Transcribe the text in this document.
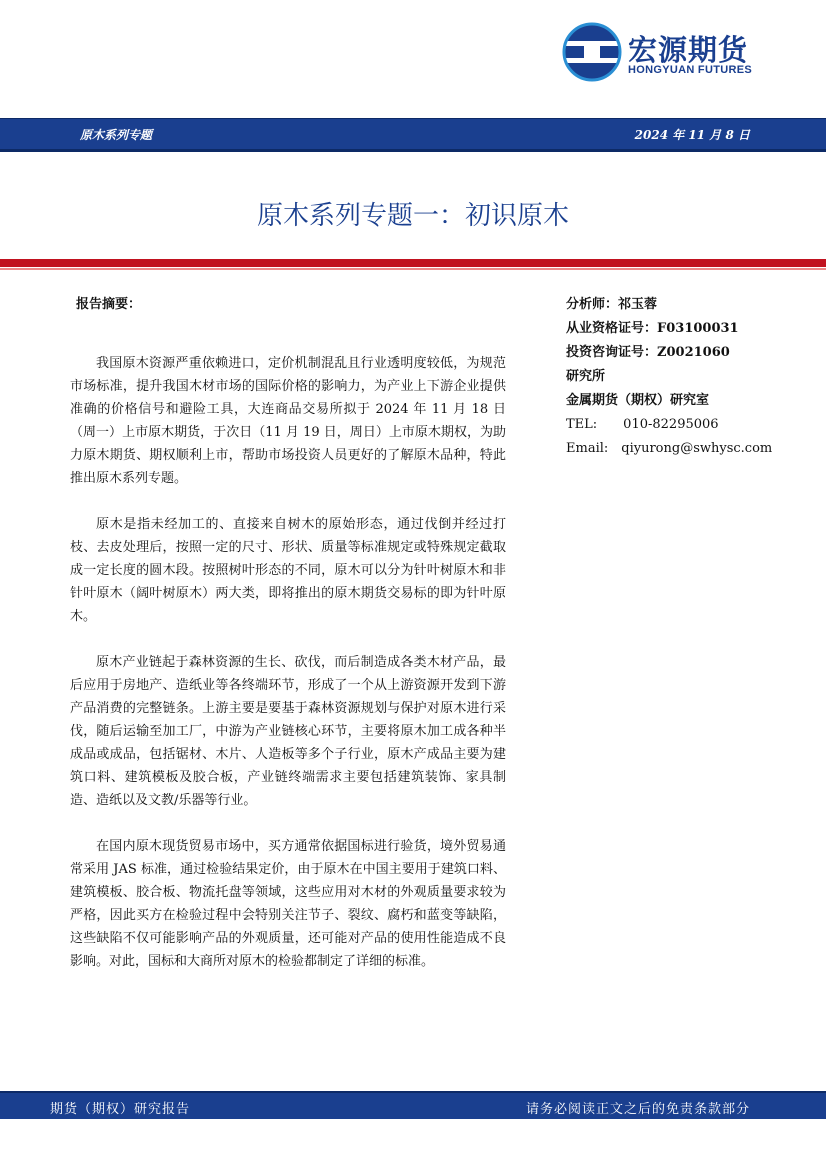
宏源期货
HONGYUAN FUTURES
原木系列专题	2024 年 11 月 8 日
原木系列专题一：初识原木
报告摘要：

我国原木资源严重依赖进口，定价机制混乱且行业透明度较低，为规范市场标准，提升我国木材市场的国际价格的影响力，为产业上下游企业提供准确的价格信号和避险工具，大连商品交易所拟于 2024 年 11 月 18 日（周一）上市原木期货，于次日（11 月 19 日，周日）上市原木期权，为助力原木期货、期权顺利上市，帮助市场投资人员更好的了解原木品种，特此推出原木系列专题。

原木是指未经加工的、直接来自树木的原始形态，通过伐倒并经过打枝、去皮处理后，按照一定的尺寸、形状、质量等标准规定或特殊规定截取成一定长度的圆木段。按照树叶形态的不同，原木可以分为针叶树原木和非针叶原木（阔叶树原木）两大类，即将推出的原木期货交易标的即为针叶原木。

原木产业链起于森林资源的生长、砍伐，而后制造成各类木材产品，最后应用于房地产、造纸业等各终端环节，形成了一个从上游资源开发到下游产品消费的完整链条。上游主要是要基于森林资源规划与保护对原木进行采伐，随后运输至加工厂，中游为产业链核心环节，主要将原木加工成各种半成品或成品，包括锯材、木片、人造板等多个子行业，原木产成品主要为建筑口料、建筑模板及胶合板，产业链终端需求主要包括建筑装饰、家具制造、造纸以及文教/乐器等行业。

在国内原木现货贸易市场中，买方通常依据国标进行验货，境外贸易通常采用 JAS 标准，通过检验结果定价，由于原木在中国主要用于建筑口料、建筑模板、胶合板、物流托盘等领域，这些应用对木材的外观质量要求较为严格，因此买方在检验过程中会特别关注节子、裂纹、腐朽和蓝变等缺陷，这些缺陷不仅可能影响产品的外观质量，还可能对产品的使用性能造成不良影响。对此，国标和大商所对原木的检验都制定了详细的标准。

分析师：祁玉蓉
从业资格证号：F03100031
投资咨询证号：Z0021060
研究所
金属期货（期权）研究室
TEL:　　010-82295006
Email:　qiyurong@swhysc.com
期货（期权）研究报告	请务必阅读正文之后的免责条款部分
